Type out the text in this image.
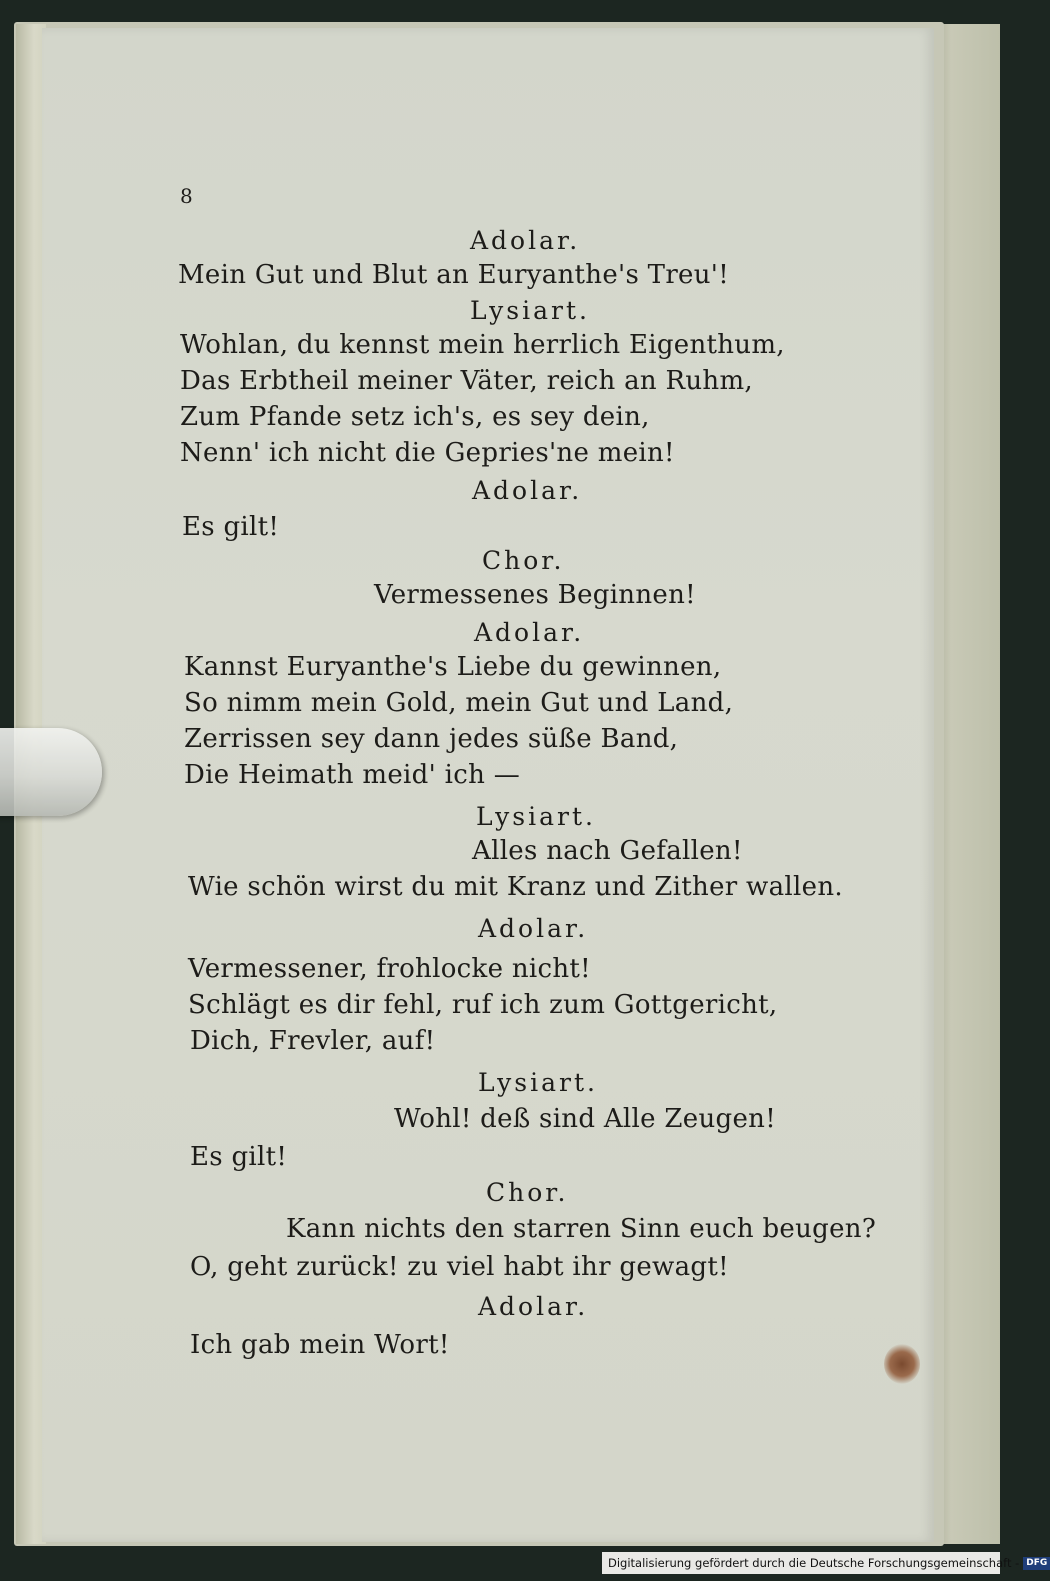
8
Adolar.
Mein Gut und Blut an Euryanthe's Treu'!
Lysiart.
Wohlan, du kennst mein herrlich Eigenthum,
Das Erbtheil meiner Väter, reich an Ruhm,
Zum Pfande setz ich's, es sey dein,
Nenn' ich nicht die Gepries'ne mein!
Adolar.
Es gilt!
Chor.
Vermessenes Beginnen!
Adolar.
Kannst Euryanthe's Liebe du gewinnen,
So nimm mein Gold, mein Gut und Land,
Zerrissen sey dann jedes süße Band,
Die Heimath meid' ich —
Lysiart.
Alles nach Gefallen!
Wie schön wirst du mit Kranz und Zither wallen.
Adolar.
Vermessener, frohlocke nicht!
Schlägt es dir fehl, ruf ich zum Gottgericht,
Dich, Frevler, auf!
Lysiart.
Wohl! deß sind Alle Zeugen!
Es gilt!
Chor.
Kann nichts den starren Sinn euch beugen?
O, geht zurück! zu viel habt ihr gewagt!
Adolar.
Ich gab mein Wort!
Digitalisierung gefördert durch die Deutsche Forschungsgemeinschaft - DFG
